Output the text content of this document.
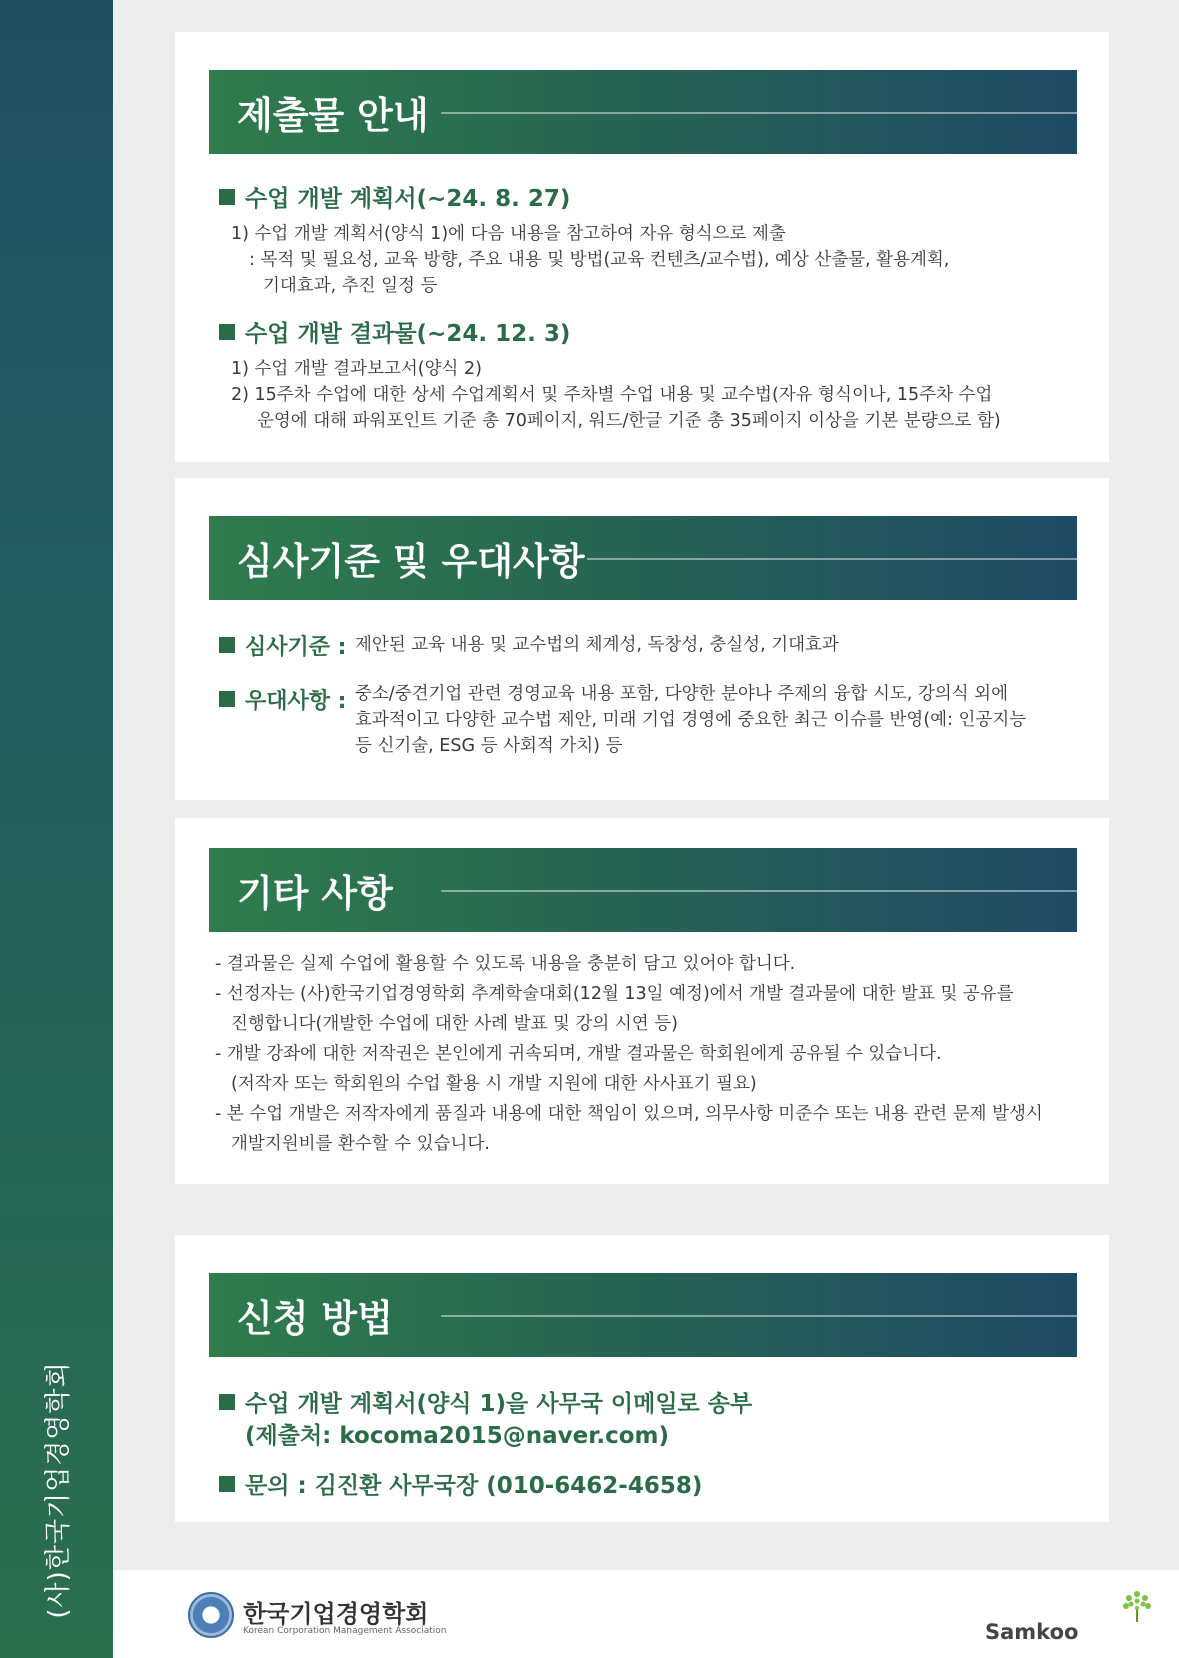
(사)한국기업경영학회
제출물 안내
수업 개발 계획서(~24. 8. 27)
1) 수업 개발 계획서(양식 1)에 다음 내용을 참고하여 자유 형식으로 제출
: 목적 및 필요성, 교육 방향, 주요 내용 및 방법(교육 컨텐츠/교수법), 예상 산출물, 활용계획,
기대효과, 추진 일정 등
수업 개발 결과물(~24. 12. 3)
1) 수업 개발 결과보고서(양식 2)
2) 15주차 수업에 대한 상세 수업계획서 및 주차별 수업 내용 및 교수법(자유 형식이나, 15주차 수업
운영에 대해 파워포인트 기준 총 70페이지, 워드/한글 기준 총 35페이지 이상을 기본 분량으로 함)
심사기준 및 우대사항
심사기준 : 제안된 교육 내용 및 교수법의 체계성, 독창성, 충실성, 기대효과
우대사항 : 중소/중견기업 관련 경영교육 내용 포함, 다양한 분야나 주제의 융합 시도, 강의식 외에
효과적이고 다양한 교수법 제안, 미래 기업 경영에 중요한 최근 이슈를 반영(예: 인공지능
등 신기술, ESG 등 사회적 가치) 등
기타 사항
- 결과물은 실제 수업에 활용할 수 있도록 내용을 충분히 담고 있어야 합니다.
- 선정자는 (사)한국기업경영학회 추계학술대회(12월 13일 예정)에서 개발 결과물에 대한 발표 및 공유를
진행합니다(개발한 수업에 대한 사례 발표 및 강의 시연 등)
- 개발 강좌에 대한 저작권은 본인에게 귀속되며, 개발 결과물은 학회원에게 공유될 수 있습니다.
(저작자 또는 학회원의 수업 활용 시 개발 지원에 대한 사사표기 필요)
- 본 수업 개발은 저작자에게 품질과 내용에 대한 책임이 있으며, 의무사항 미준수 또는 내용 관련 문제 발생시
개발지원비를 환수할 수 있습니다.
신청 방법
수업 개발 계획서(양식 1)을 사무국 이메일로 송부
(제출처: kocoma2015@naver.com)
문의 : 김진환 사무국장 (010-6462-4658)
한국기업경영학회
Korean Corporation Management Association	Samkoo
